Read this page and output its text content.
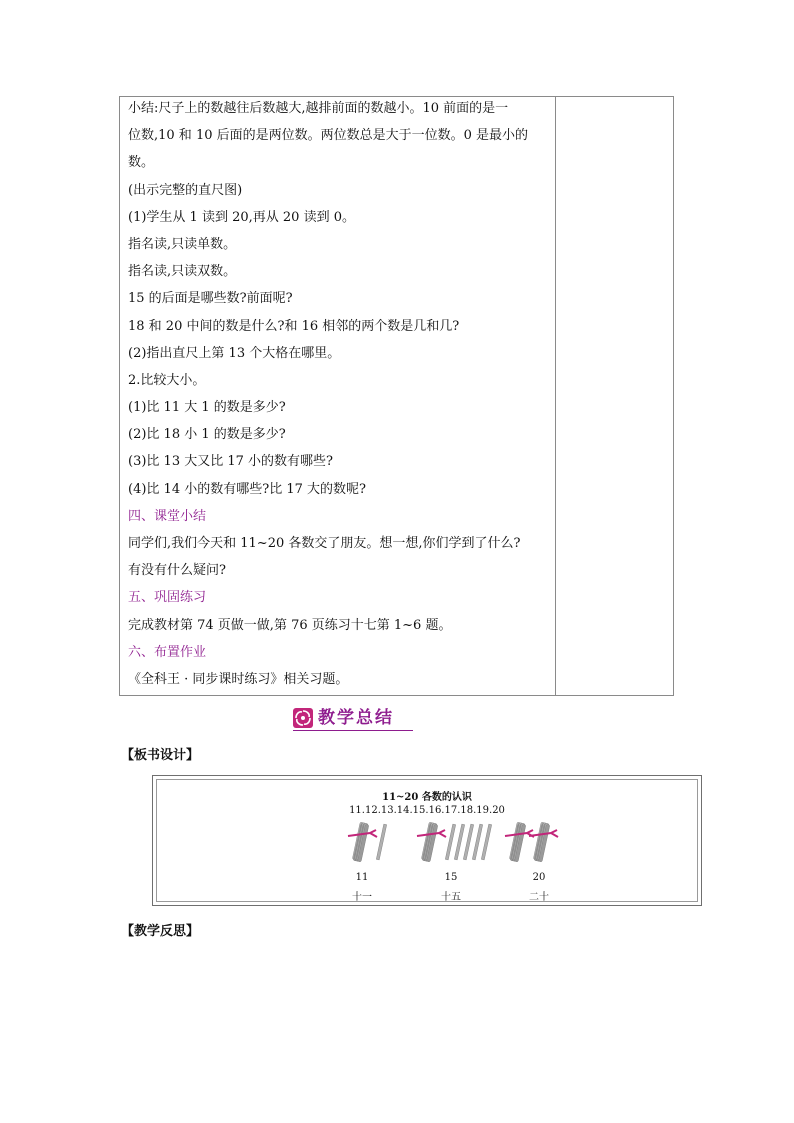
小结:尺子上的数越往后数越大,越排前面的数越小。10 前面的是一
位数,10 和 10 后面的是两位数。两位数总是大于一位数。0 是最小的
数。
(出示完整的直尺图)
(1)学生从 1 读到 20,再从 20 读到 0。
指名读,只读单数。
指名读,只读双数。
15 的后面是哪些数?前面呢?
18 和 20 中间的数是什么?和 16 相邻的两个数是几和几?
(2)指出直尺上第 13 个大格在哪里。
2.比较大小。
(1)比 11 大 1 的数是多少?
(2)比 18 小 1 的数是多少?
(3)比 13 大又比 17 小的数有哪些?
(4)比 14 小的数有哪些?比 17 大的数呢?
四、课堂小结
同学们,我们今天和 11~20 各数交了朋友。想一想,你们学到了什么?
有没有什么疑问?
五、巩固练习
完成教材第 74 页做一做,第 76 页练习十七第 1~6 题。
六、布置作业
《全科王 · 同步课时练习》相关习题。
教学总结
【板书设计】
11~20 各数的认识
11.12.13.14.15.16.17.18.19.20
11
十一
15
十五
20
二十
【教学反思】
